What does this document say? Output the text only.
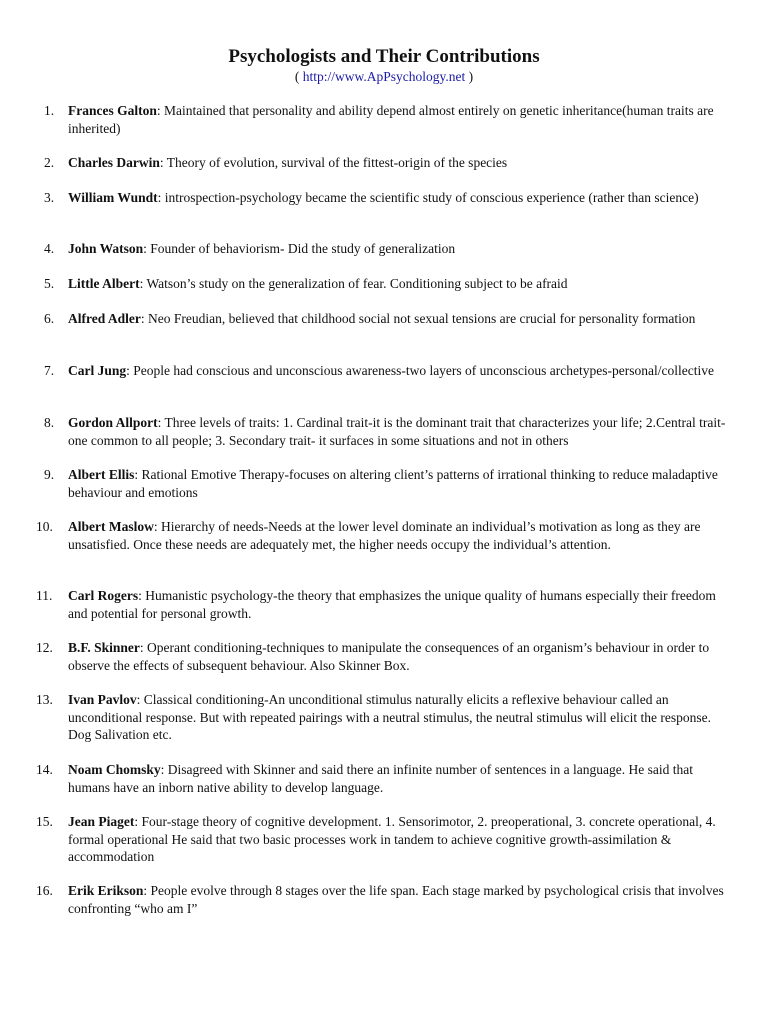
Psychologists and Their Contributions
( http://www.ApPsychology.net )
1.	Frances Galton: Maintained that personality and ability depend almost entirely on genetic inheritance(human traits are inherited)
2.	Charles Darwin: Theory of evolution, survival of the fittest-origin of the species
3.	William Wundt: introspection-psychology became the scientific study of conscious experience (rather than science)
4.	John Watson: Founder of behaviorism- Did the study of generalization
5.	Little Albert: Watson’s study on the generalization of fear. Conditioning subject to be afraid
6.	Alfred Adler: Neo Freudian, believed that childhood social not sexual tensions are crucial for personality formation
7.	Carl Jung: People had conscious and unconscious awareness-two layers of unconscious archetypes-personal/collective
8.	Gordon Allport: Three levels of traits: 1. Cardinal trait-it is the dominant trait that characterizes your life; 2.Central trait-one common to all people; 3. Secondary trait- it surfaces in some situations and not in others
9.	Albert Ellis: Rational Emotive Therapy-focuses on altering client’s patterns of irrational thinking to reduce maladaptive behaviour and emotions
10.	Albert Maslow: Hierarchy of needs-Needs at the lower level dominate an individual’s motivation as long as they are unsatisfied. Once these needs are adequately met, the higher needs occupy the individual’s attention.
11.	Carl Rogers: Humanistic psychology-the theory that emphasizes the unique quality of humans especially their freedom and potential for personal growth.
12.	B.F. Skinner: Operant conditioning-techniques to manipulate the consequences of an organism’s behaviour in order to observe the effects of subsequent behaviour. Also Skinner Box.
13.	Ivan Pavlov: Classical conditioning-An unconditional stimulus naturally elicits a reflexive behaviour called an unconditional response. But with repeated pairings with a neutral stimulus, the neutral stimulus will elicit the response. Dog Salivation etc.
14.	Noam Chomsky: Disagreed with Skinner and said there an infinite number of sentences in a language. He said that humans have an inborn native ability to develop language.
15.	Jean Piaget: Four-stage theory of cognitive development. 1. Sensorimotor, 2. preoperational, 3. concrete operational, 4. formal operational He said that two basic processes work in tandem to achieve cognitive growth-assimilation & accommodation
16.	Erik Erikson: People evolve through 8 stages over the life span. Each stage marked by psychological crisis that involves confronting “who am I”
